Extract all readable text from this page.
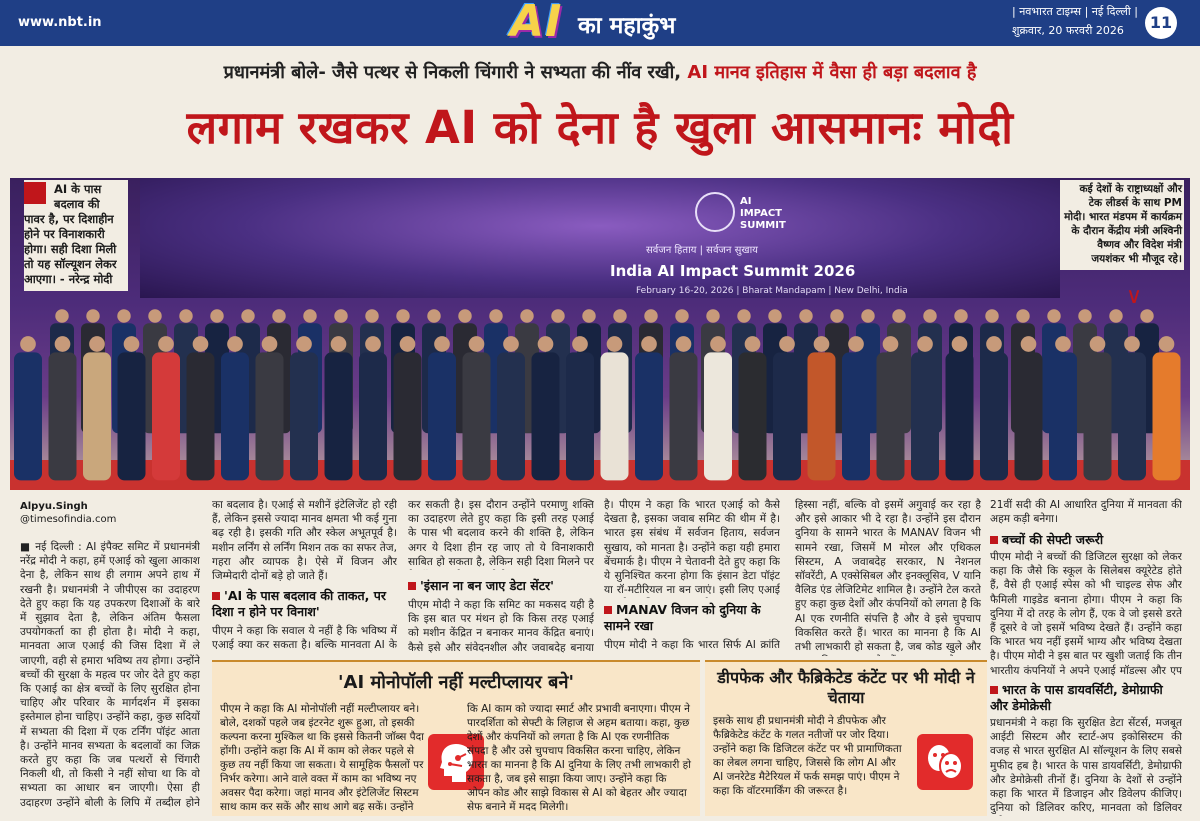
www.nbt.in	AI का महाकुंभ
| नवभारत टाइम्स | नई दिल्ली |
शुक्रवार, 20 फरवरी 2026	11
प्रधानमंत्री बोले- जैसे पत्थर से निकली चिंगारी ने सभ्यता की नींव रखी, AI मानव इतिहास में वैसा ही बड़ा बदलाव है
लगाम रखकर AI को देना है खुला आसमानः मोदी
AI IMPACT SUMMIT
सर्वजन हिताय | सर्वजन सुखाय
India AI Impact Summit 2026
February 16-20, 2026 | Bharat Mandapam | New Delhi, India
AI के पास बदलाव की
पावर है, पर दिशाहीन होने पर विनाशकारी होगा। सही दिशा मिली तो यह सॉल्यूशन लेकर आएगा। - नरेन्द्र मोदी
कई देशों के राष्ट्राध्यक्षों और टेक लीडर्स के साथ PM मोदी। भारत मंडपम में कार्यक्रम के दौरान केंद्रीय मंत्री अश्विनी वैष्णव और विदेश मंत्री जयशंकर भी मौजूद रहे।
∨
Alpyu.Singh
@timesofindia.com
■ नई दिल्ली : AI इंपैक्ट समिट में प्रधानमंत्री नरेंद्र मोदी ने कहा, हमें एआई को खुला आकाश देना है, लेकिन साथ ही लगाम अपने हाथ में रखनी है। प्रधानमंत्री ने जीपीएस का उदाहरण देते हुए कहा कि यह उपकरण दिशाओं के बारे में सुझाव देता है, लेकिन अंतिम फैसला उपयोगकर्ता का ही होता है। मोदी ने कहा, मानवता आज एआई की जिस दिशा में ले जाएगी, वही से हमारा भविष्य तय होगा। उन्होंने बच्चों की सुरक्षा के महत्व पर जोर देते हुए कहा कि एआई का क्षेत्र बच्चों के लिए सुरक्षित होना चाहिए और परिवार के मार्गदर्शन में इसका इस्तेमाल होना चाहिए। उन्होंने कहा, कुछ सदियों में सभ्यता की दिशा में एक टर्निंग पॉइंट आता है। उन्होंने मानव सभ्यता के बदलावों का जिक्र करते हुए कहा कि जब पत्थरों से चिंगारी निकली थी, तो किसी ने नहीं सोचा था कि वो सभ्यता का आधार बन जाएगी। ऐसा ही उदाहरण उन्होंने बोली के लिपि में तब्दील होने
का बदलाव है। एआई से मशीनें इंटेलिजेंट हो रही हैं, लेकिन इससे ज्यादा मानव क्षमता भी कई गुना बढ़ रही है। इसकी गति और स्केल अभूतपूर्व है। मशीन लर्निंग से लर्निंग मिशन तक का सफर तेज, गहरा और व्यापक है। ऐसे में विजन और जिम्मेदारी दोनों बड़े हो जाते हैं।
'AI के पास बदलाव की ताकत, पर दिशा न होने पर विनाश'
पीएम ने कहा कि सवाल ये नहीं है कि भविष्य में एआई क्या कर सकता है। बल्कि मानवता AI के
कर सकती है। इस दौरान उन्होंने परमाणु शक्ति का उदाहरण लेते हुए कहा कि इसी तरह एआई के पास भी बदलाव करने की शक्ति है, लेकिन अगर ये दिशा हीन रह जाए तो ये विनाशकारी साबित हो सकता है, लेकिन सही दिशा मिलने पर
'इंसान ना बन जाए डेटा सेंटर'
पीएम मोदी ने कहा कि समिट का मकसद यही है कि इस बात पर मंथन हो कि किस तरह एआई को मशीन केंद्रित न बनाकर मानव केंद्रित बनाएं। कैसे इसे और संवेदनशील और जवाबदेह बनाया
है। पीएम ने कहा कि भारत एआई को कैसे देखता है, इसका जवाब समिट की थीम में है। भारत इस संबंध में सर्वजन हिताय, सर्वजन सुखाय, को मानता है। उन्होंने कहा यही हमारा बेंचमार्क है। पीएम ने चेतावनी देते हुए कहा कि ये सुनिश्चित करना होगा कि इंसान डेटा पॉइंट या रॉ-मटीरियल ना बन जाएं। इसी लिए एआई
MANAV विजन को दुनिया के सामने रखा
पीएम मोदी ने कहा कि भारत सिर्फ AI क्रांति
हिस्सा नहीं, बल्कि वो इसमें अगुवाई कर रहा है और इसे आकार भी दे रहा है। उन्होंने इस दौरान दुनिया के सामने भारत के MANAV विजन भी सामने रखा, जिसमें M मोरल और एथिकल सिस्टम, A जवाबदेह सरकार, N नेशनल सॉवरेंटी, A एक्सेसिबल और इनक्लूसिव, V यानि वैलिड एंड लेजिटिमेट शामिल है। उन्होंने टेल करते हुए कहा कुछ देशों और कंपनियों को लगता है कि AI एक रणनीति संपत्ति है और वे इसे चुपचाप विकसित करते हैं। भारत का मानना है कि AI तभी लाभकारी हो सकता है, जब कोड खुले और
21वीं सदी की AI आधारित दुनिया में मानवता की अहम कड़ी बनेगा।
बच्चों की सेफ्टी जरूरी
पीएम मोदी ने बच्चों की डिजिटल सुरक्षा को लेकर कहा कि जैसे कि स्कूल के सिलेबस क्यूरेटेड होते हैं, वैसे ही एआई स्पेस को भी चाइल्ड सेफ और फैमिली गाइडेड बनाना होगा। पीएम ने कहा कि दुनिया में दो तरह के लोग हैं, एक वे जो इससे डरते हैं दूसरे वे जो इसमें भविष्य देखते हैं। उन्होंने कहा कि भारत भय नहीं इसमें भाग्य और भविष्य देखता है। पीएम मोदी ने इस बात पर खुशी जताई कि तीन भारतीय कंपनियों ने अपने एआई मॉडल्स और एप
भारत के पास डायवर्सिटी, डेमोग्राफी और डेमोक्रेसी
प्रधानमंत्री ने कहा कि सुरक्षित डेटा सेंटर्स, मजबूत आईटी सिस्टम और स्टार्ट-अप इकोसिस्टम की वजह से भारत सुरक्षित AI सॉल्यूशन के लिए सबसे मुफीद हब है। भारत के पास डायवर्सिटी, डेमोग्राफी और डेमोक्रेसी तीनों हैं। दुनिया के देशों से उन्होंने कहा कि भारत में डिजाइन और डिवेलप कीजिए। दुनिया को डिलिवर करिए, मानवता को डिलिवर
'AI मोनोपॉली नहीं मल्टीप्लायर बने'
पीएम ने कहा कि AI मोनोपॉली नहीं मल्टीप्लायर बने। बोले, दशकों पहले जब इंटरनेट शुरू हुआ, तो इसकी कल्पना करना मुश्किल था कि इससे कितनी जॉब्स पैदा होंगी। उन्होंने कहा कि AI में काम को लेकर पहले से कुछ तय नहीं किया जा सकता। ये सामूहिक फैसलों पर निर्भर करेगा। आने वाले वक्त में काम का भविष्य नए अवसर पैदा करेगा। जहां मानव और इंटेलिजेंट सिस्टम साथ काम कर सकें और साथ आगे बढ़ सकें। उन्होंने
कि AI काम को ज्यादा स्मार्ट और प्रभावी बनाएगा। पीएम ने पारदर्शिता को सेफ्टी के लिहाज से अहम बताया। कहा, कुछ देशों और कंपनियों को लगता है कि AI एक रणनीतिक संपदा है और उसे चुपचाप विकसित करना चाहिए, लेकिन भारत का मानना है कि AI दुनिया के लिए तभी लाभकारी हो सकता है, जब इसे साझा किया जाए। उन्होंने कहा कि ओपन कोड और साझे विकास से AI को बेहतर और ज्यादा सेफ बनाने में मदद मिलेगी।
डीपफेक और फैब्रिकेटेड कंटेंट पर भी मोदी ने चेताया
इसके साथ ही प्रधानमंत्री मोदी ने डीपफेक और फैब्रिकेटेड कंटेंट के गलत नतीजों पर जोर दिया। उन्होंने कहा कि डिजिटल कंटेंट पर भी प्रामाणिकता का लेबल लगना चाहिए, जिससे कि लोग AI और AI जनरेटेड मैटेरियल में फर्क समझ पाएं। पीएम ने कहा कि वॉटरमार्किंग की जरूरत है।
